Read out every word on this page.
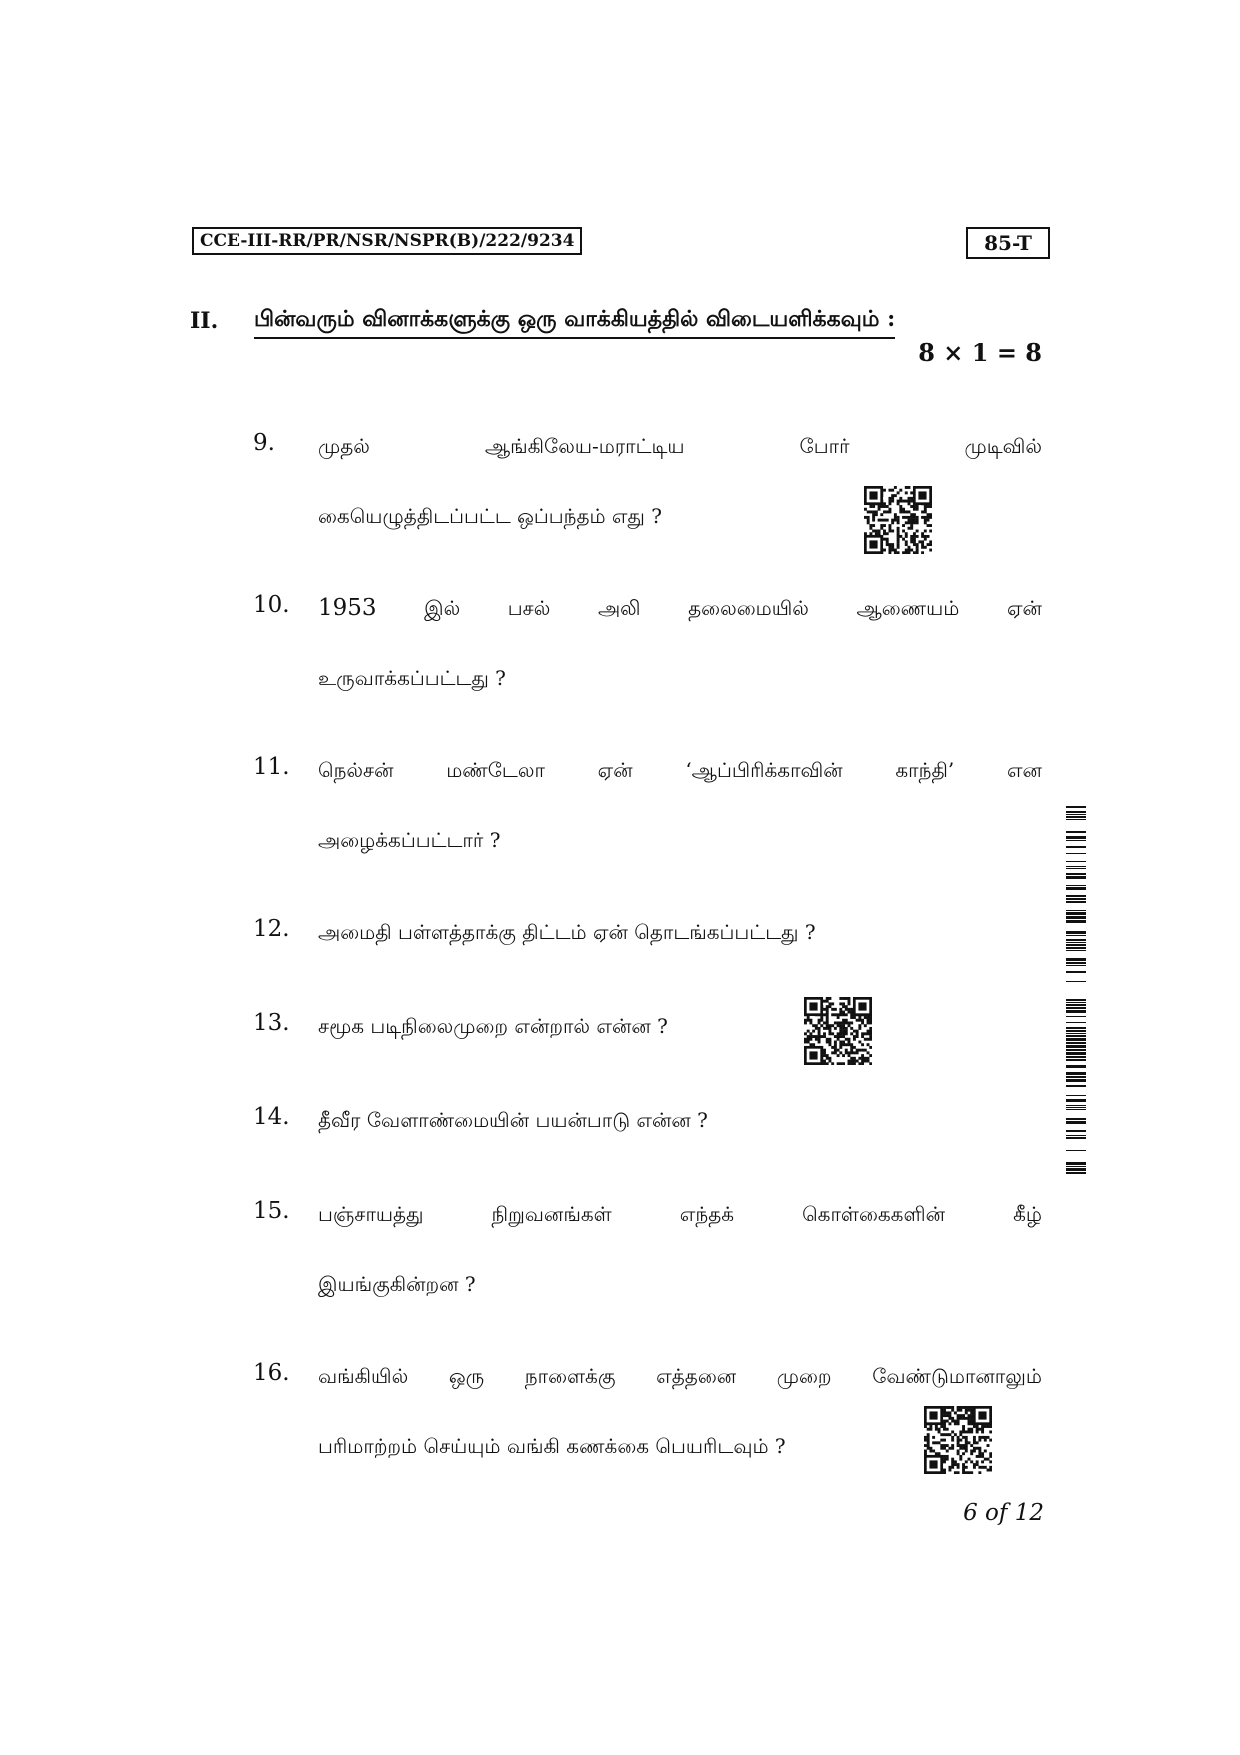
CCE-III-RR/PR/NSR/NSPR(B)/222/9234	85-T
II. பின்வரும் வினாக்களுக்கு ஒரு வாக்கியத்தில் விடையளிக்கவும் :
8 × 1 = 8
9. முதல்	ஆங்கிலேய-மராட்டிய	போர்	முடிவில்
கையெழுத்திடப்பட்ட ஒப்பந்தம் எது ?
10. 1953 இல் பசல் அலி தலைமையில் ஆணையம் ஏன்
உருவாக்கப்பட்டது ?
11. நெல்சன்	மண்டேலா	ஏன்	‘ஆப்பிரிக்காவின்	காந்தி’	என
அழைக்கப்பட்டார் ?
12. அமைதி பள்ளத்தாக்கு திட்டம் ஏன் தொடங்கப்பட்டது ?
13. சமூக படிநிலைமுறை என்றால் என்ன ?
14. தீவீர வேளாண்மையின் பயன்பாடு என்ன ?
15. பஞ்சாயத்து	நிறுவனங்கள்	எந்தக்	கொள்கைகளின்	கீழ்
இயங்குகின்றன ?
16. வங்கியில் ஒரு நாளைக்கு எத்தனை முறை வேண்டுமானாலும்
பரிமாற்றம் செய்யும் வங்கி கணக்கை பெயரிடவும் ?
6 of 12
